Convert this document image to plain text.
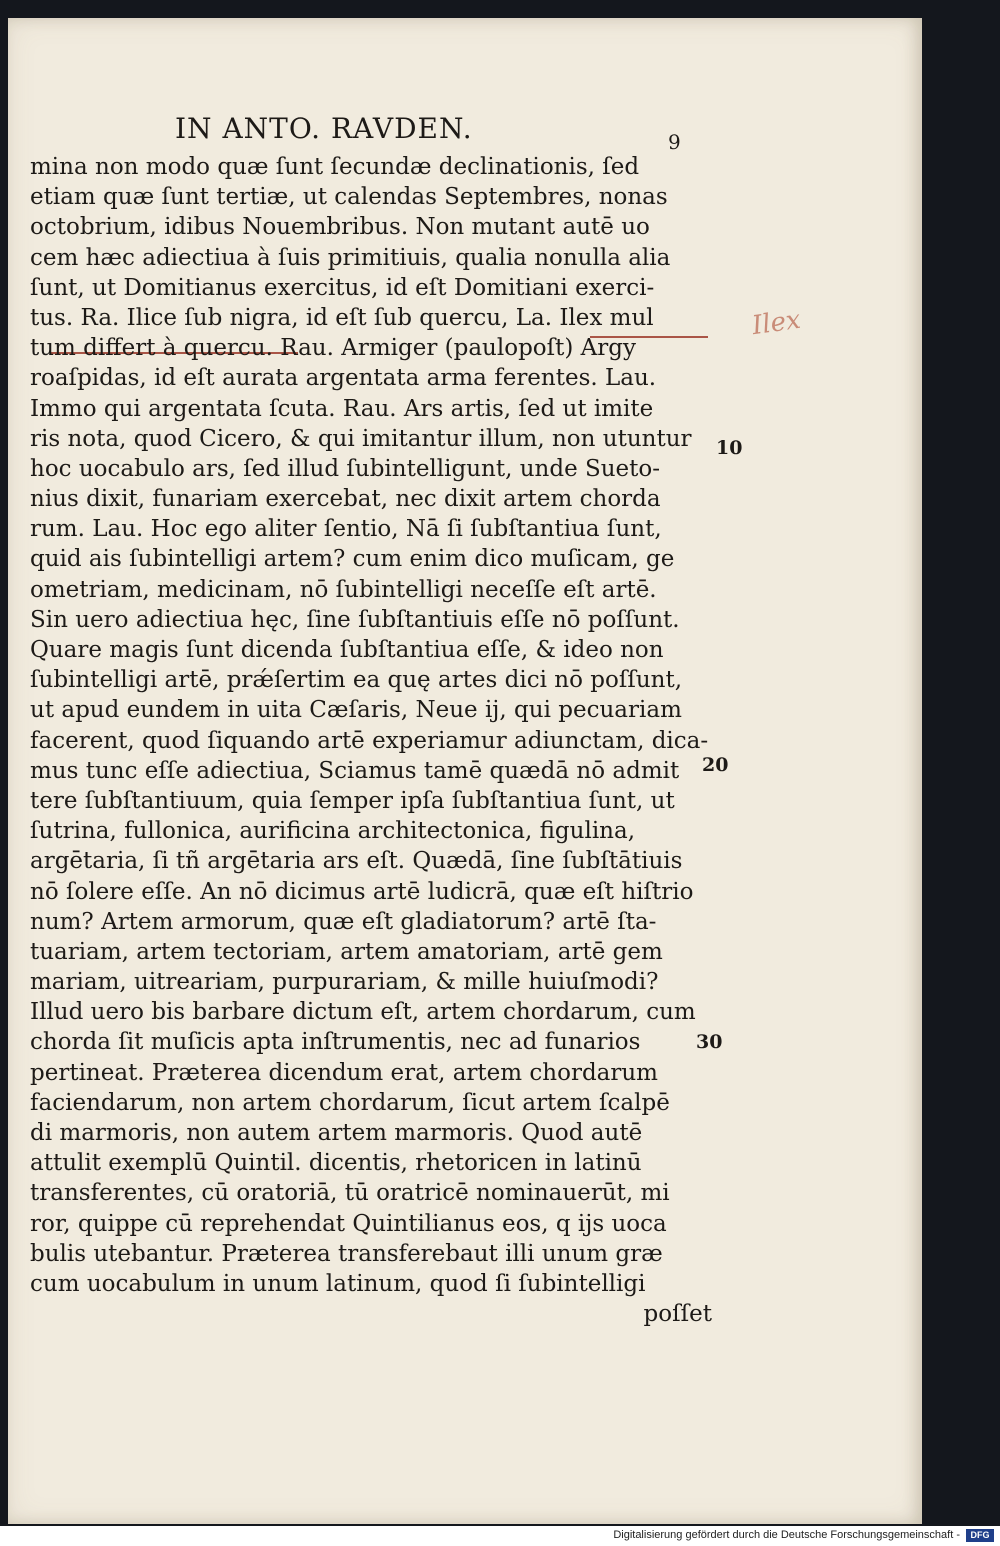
IN ANTO. RAVDEN.	9
mina non modo quæ ſunt ſecundæ declinationis, ſed
etiam quæ ſunt tertiæ, ut calendas Septembres, nonas
octobrium, idibus Nouembribus. Non mutant autē uo
cem hæc adiectiua à ſuis primitiuis, qualia nonulla alia
ſunt, ut Domitianus exercitus, id eſt Domitiani exerci-
tus. Ra. Ilice ſub nigra, id eſt ſub quercu, La. Ilex mul
tum differt à quercu. Rau. Armiger (paulopoſt) Argy
roaſpidas, id eſt aurata argentata arma ferentes. Lau.
Immo qui argentata ſcuta. Rau. Ars artis, ſed ut imite
ris nota, quod Cicero, & qui imitantur illum, non utuntur
hoc uocabulo ars, ſed illud ſubintelligunt, unde Sueto-
nius dixit, funariam exercebat, nec dixit artem chorda
rum. Lau. Hoc ego aliter ſentio, Nā ſi ſubſtantiua ſunt,
quid ais ſubintelligi artem? cum enim dico muſicam, ge
ometriam, medicinam, nō ſubintelligi neceſſe eſt artē.
Sin uero adiectiua hęc, ſine ſubſtantiuis eſſe nō poſſunt.
Quare magis ſunt dicenda ſubſtantiua eſſe, & ideo non
ſubintelligi artē, prǽſertim ea quę artes dici nō poſſunt,
ut apud eundem in uita Cæſaris, Neue ij, qui pecuariam
facerent, quod ſiquando artē experiamur adiunctam, dica-
mus tunc eſſe adiectiua, Sciamus tamē quædā nō admit
tere ſubſtantiuum, quia ſemper ipſa ſubſtantiua ſunt, ut
ſutrina, fullonica, aurificina architectonica, figulina,
argētaria, ſi tñ argētaria ars eſt. Quædā, ſine ſubſtātiuis
nō ſolere eſſe. An nō dicimus artē ludicrā, quæ eſt hiſtrio
num? Artem armorum, quæ eſt gladiatorum? artē ſta-
tuariam, artem tectoriam, artem amatoriam, artē gem
mariam, uitreariam, purpurariam, & mille huiuſmodi?
Illud uero bis barbare dictum eſt, artem chordarum, cum
chorda ſit muſicis apta inſtrumentis, nec ad funarios
pertineat. Præterea dicendum erat, artem chordarum
faciendarum, non artem chordarum, ſicut artem ſcalpē
di marmoris, non autem artem marmoris. Quod autē
attulit exemplū Quintil. dicentis, rhetoricen in latinū
transferentes, cū oratoriā, tū oratricē nominauerūt, mi
ror, quippe cū reprehendat Quintilianus eos, q ijs uoca
bulis utebantur. Præterea transferebaut illi unum græ
cum uocabulum in unum latinum, quod ſi ſubintelligi
poſſet
10
20
30
Ilex
Digitalisierung gefördert durch die Deutsche Forschungsgemeinschaft -	DFG
